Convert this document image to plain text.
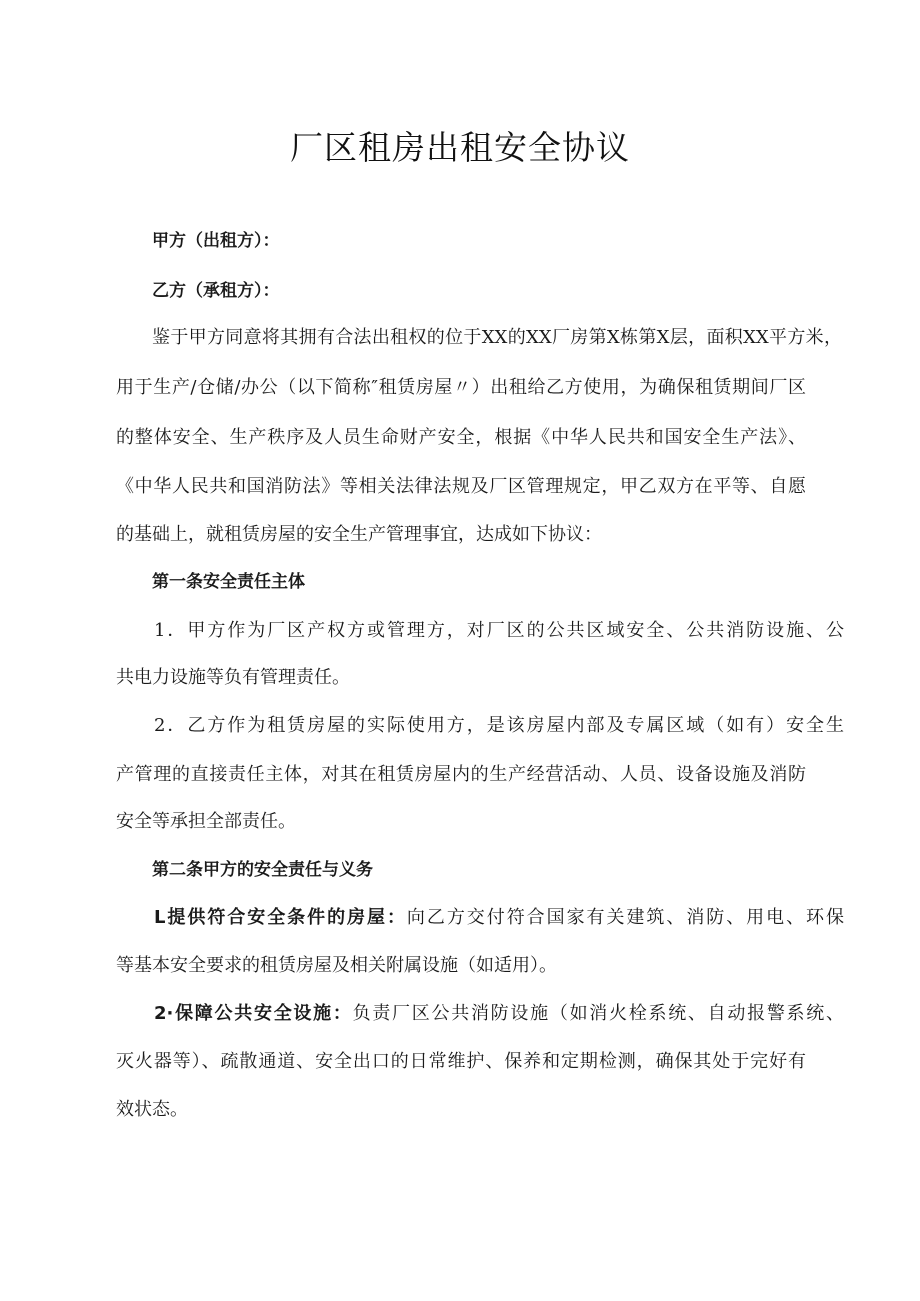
厂区租房出租安全协议

甲方（出租方）：

乙方（承租方）：

鉴于甲方同意将其拥有合法出租权的位于XX的XX厂房第X栋第X层，面积XX平方米，

用于生产/仓储/办公（以下简称″租赁房屋〃）出租给乙方使用，为确保租赁期间厂区

的整体安全、生产秩序及人员生命财产安全，根据《中华人民共和国安全生产法》、

《中华人民共和国消防法》等相关法律法规及厂区管理规定，甲乙双方在平等、自愿

的基础上，就租赁房屋的安全生产管理事宜，达成如下协议：

第一条安全责任主体

1．甲方作为厂区产权方或管理方，对厂区的公共区域安全、公共消防设施、公

共电力设施等负有管理责任。

2．乙方作为租赁房屋的实际使用方，是该房屋内部及专属区域（如有）安全生

产管理的直接责任主体，对其在租赁房屋内的生产经营活动、人员、设备设施及消防

安全等承担全部责任。

第二条甲方的安全责任与义务

L提供符合安全条件的房屋：向乙方交付符合国家有关建筑、消防、用电、环保

等基本安全要求的租赁房屋及相关附属设施（如适用）。

2·保障公共安全设施：负责厂区公共消防设施（如消火栓系统、自动报警系统、

灭火器等）、疏散通道、安全出口的日常维护、保养和定期检测，确保其处于完好有

效状态。
